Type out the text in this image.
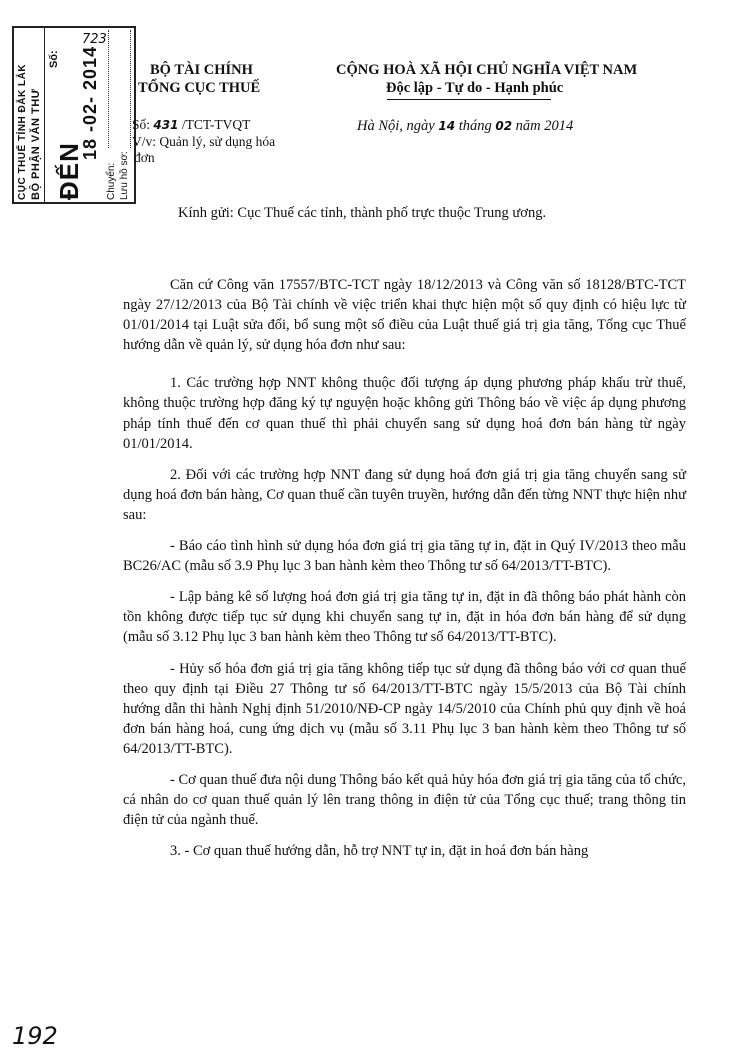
CỤC THUẾ TỈNH ĐẮK LẮK BỘ PHẬN VĂN THƯ
Số:
ĐẾN
18 -02- 2014
723
Chuyển: Lưu hồ sơ:
BỘ TÀI CHÍNH
TỔNG CỤC THUẾ
CỘNG HOÀ XÃ HỘI CHỦ NGHĨA VIỆT NAM
Độc lập - Tự do - Hạnh phúc
Số: 431 /TCT-TVQT
V/v: Quản lý, sử dụng hóa
đơn
Hà Nội, ngày 14 tháng 02 năm 2014
Kính gửi: Cục Thuế các tỉnh, thành phố trực thuộc Trung ương.

Căn cứ Công văn 17557/BTC-TCT ngày 18/12/2013 và Công văn số 18128/BTC-TCT ngày 27/12/2013 của Bộ Tài chính về việc triển khai thực hiện một số quy định có hiệu lực từ 01/01/2014 tại Luật sửa đổi, bổ sung một số điều của Luật thuế giá trị gia tăng, Tổng cục Thuế hướng dẫn về quản lý, sử dụng hóa đơn như sau:

1. Các trường hợp NNT không thuộc đối tượng áp dụng phương pháp khấu trừ thuế, không thuộc trường hợp đăng ký tự nguyện hoặc không gửi Thông báo về việc áp dụng phương pháp tính thuế đến cơ quan thuế thì phải chuyển sang sử dụng hoá đơn bán hàng từ ngày 01/01/2014.

2. Đối với các trường hợp NNT đang sử dụng hoá đơn giá trị gia tăng chuyển sang sử dụng hoá đơn bán hàng, Cơ quan thuế cần tuyên truyền, hướng dẫn đến từng NNT thực hiện như sau:

- Báo cáo tình hình sử dụng hóa đơn giá trị gia tăng tự in, đặt in Quý IV/2013 theo mẫu BC26/AC (mẫu số 3.9 Phụ lục 3 ban hành kèm theo Thông tư số 64/2013/TT-BTC).

- Lập bảng kê số lượng hoá đơn giá trị gia tăng tự in, đặt in đã thông báo phát hành còn tồn không được tiếp tục sử dụng khi chuyển sang tự in, đặt in hóa đơn bán hàng để sử dụng (mẫu số 3.12 Phụ lục 3 ban hành kèm theo Thông tư số 64/2013/TT-BTC).

- Hủy số hóa đơn giá trị gia tăng không tiếp tục sử dụng đã thông báo với cơ quan thuế theo quy định tại Điều 27 Thông tư số 64/2013/TT-BTC ngày 15/5/2013 của Bộ Tài chính hướng dẫn thi hành Nghị định 51/2010/NĐ-CP ngày 14/5/2010 của Chính phủ quy định về hoá đơn bán hàng hoá, cung ứng dịch vụ (mẫu số 3.11 Phụ lục 3 ban hành kèm theo Thông tư số 64/2013/TT-BTC).

- Cơ quan thuế đưa nội dung Thông báo kết quả hủy hóa đơn giá trị gia tăng của tổ chức, cá nhân do cơ quan thuế quản lý lên trang thông in điện tử của Tổng cục thuế; trang thông tin điện tử của ngành thuế.

3. - Cơ quan thuế hướng dẫn, hỗ trợ NNT tự in, đặt in hoá đơn bán hàng

192
